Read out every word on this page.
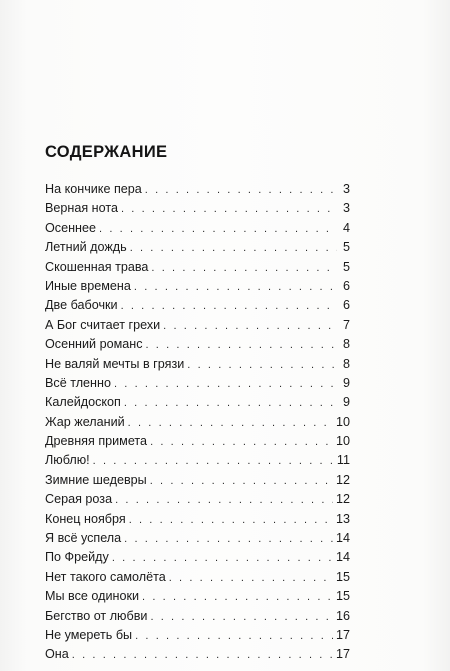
СОДЕРЖАНИЕ
На кончике пера . . .	3
Верная нота . . .	3
Осеннее . . .	4
Летний дождь . . .	5
Скошенная трава . . .	5
Иные времена . . .	6
Две бабочки . . .	6
А Бог считает грехи . . .	7
Осенний романс . . .	8
Не валяй мечты в грязи . . .	8
Всё тленно . . .	9
Калейдоскоп . . .	9
Жар желаний . . .	10
Древняя примета . . .	10
Люблю! . . .	11
Зимние шедевры . . .	12
Серая роза . . .	12
Конец ноября . . .	13
Я всё успела . . .	14
По Фрейду . . .	14
Нет такого самолёта . . .	15
Мы все одиноки . . .	15
Бегство от любви . . .	16
Не умереть бы . . .	17
Она . . .	17
